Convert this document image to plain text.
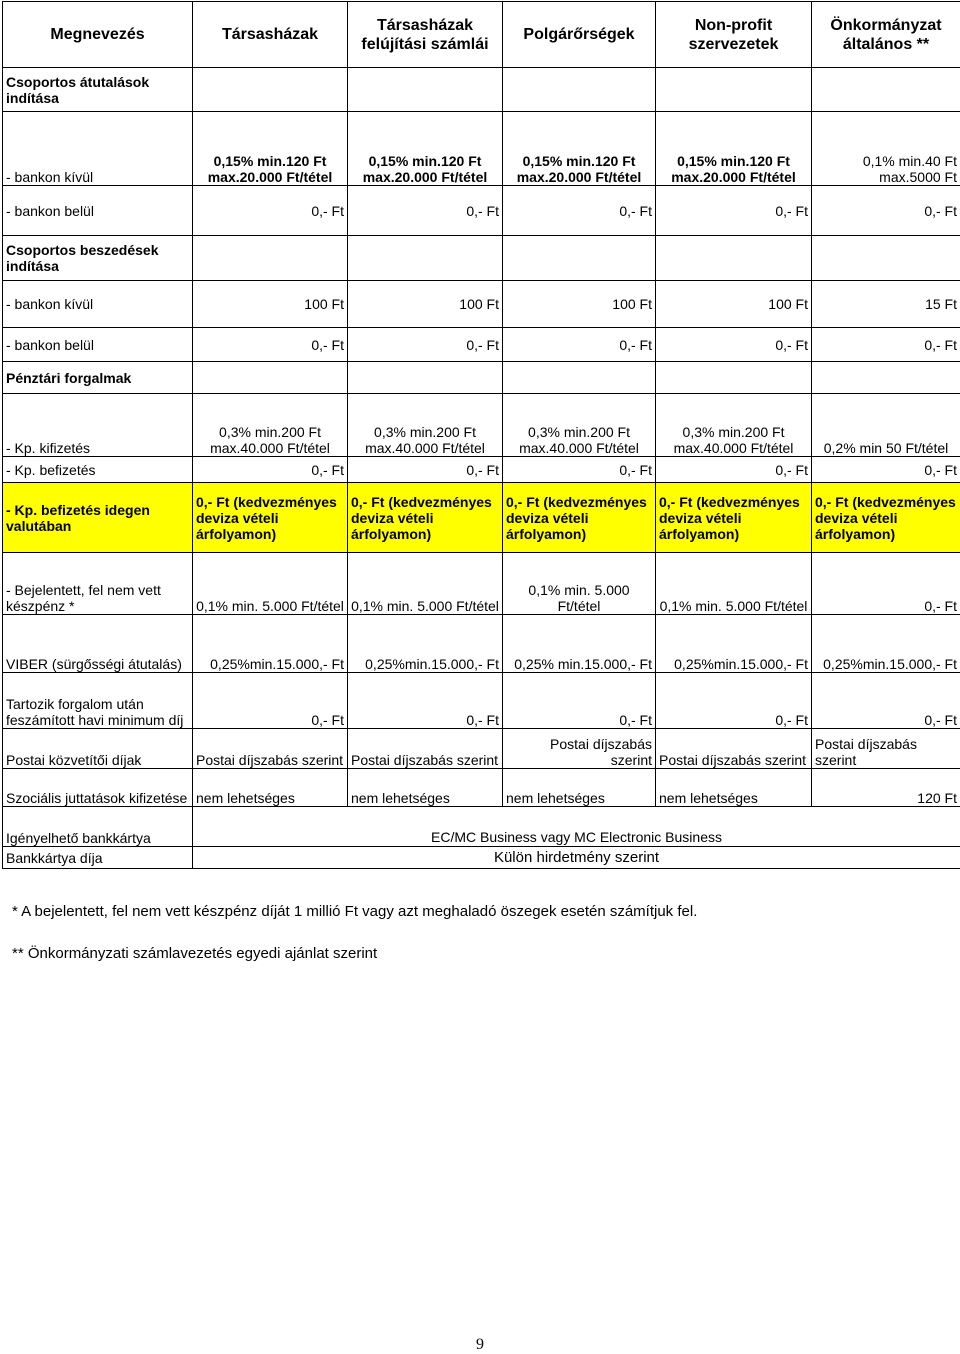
Megnevezés	Társasházak	Társasházak felújítási számlái	Polgárőrségek	Non-profit szervezetek	Önkormányzat általános **
Csoportos átutalások indítása					
- bankon kívül	0,15% min.120 Ft max.20.000 Ft/tétel	0,15% min.120 Ft max.20.000 Ft/tétel	0,15% min.120 Ft max.20.000 Ft/tétel	0,15% min.120 Ft max.20.000 Ft/tétel	0,1% min.40 Ft max.5000 Ft
- bankon belül	0,- Ft	0,- Ft	0,- Ft	0,- Ft	0,- Ft
Csoportos beszedések indítása					
- bankon kívül	100 Ft	100 Ft	100 Ft	100 Ft	15 Ft
- bankon belül	0,- Ft	0,- Ft	0,- Ft	0,- Ft	0,- Ft
Pénztári forgalmak					
- Kp. kifizetés	0,3% min.200 Ft max.40.000 Ft/tétel	0,3% min.200 Ft max.40.000 Ft/tétel	0,3% min.200 Ft max.40.000 Ft/tétel	0,3% min.200 Ft max.40.000 Ft/tétel	0,2% min 50 Ft/tétel
- Kp. befizetés	0,- Ft	0,- Ft	0,- Ft	0,- Ft	0,- Ft
- Kp. befizetés idegen valutában	0,- Ft (kedvezményes deviza vételi árfolyamon)	0,- Ft (kedvezményes deviza vételi árfolyamon)	0,- Ft (kedvezményes deviza vételi árfolyamon)	0,- Ft (kedvezményes deviza vételi árfolyamon)	0,- Ft (kedvezményes deviza vételi árfolyamon)
- Bejelentett, fel nem vett készpénz *	0,1% min. 5.000 Ft/tétel	0,1% min. 5.000 Ft/tétel	0,1% min. 5.000 Ft/tétel	0,1% min. 5.000 Ft/tétel	0,- Ft
VIBER (sürgősségi átutalás)	0,25%min.15.000,- Ft	0,25%min.15.000,- Ft	0,25% min.15.000,- Ft	0,25%min.15.000,- Ft	0,25%min.15.000,- Ft
Tartozik forgalom után feszámított havi minimum díj	0,- Ft	0,- Ft	0,- Ft	0,- Ft	0,- Ft
Postai közvetítői díjak	Postai díjszabás szerint	Postai díjszabás szerint	Postai díjszabás szerint	Postai díjszabás szerint	Postai díjszabás szerint
Szociális juttatások kifizetése	nem lehetséges	nem lehetséges	nem lehetséges	nem lehetséges	120 Ft
Igényelhető bankkártya	EC/MC Business vagy MC Electronic Business				
Bankkártya díja	Külön hirdetmény szerint				
* A bejelentett, fel nem vett készpénz díját 1 millió Ft vagy azt meghaladó öszegek esetén számítjuk fel.
** Önkormányzati számlavezetés egyedi ajánlat szerint
9
